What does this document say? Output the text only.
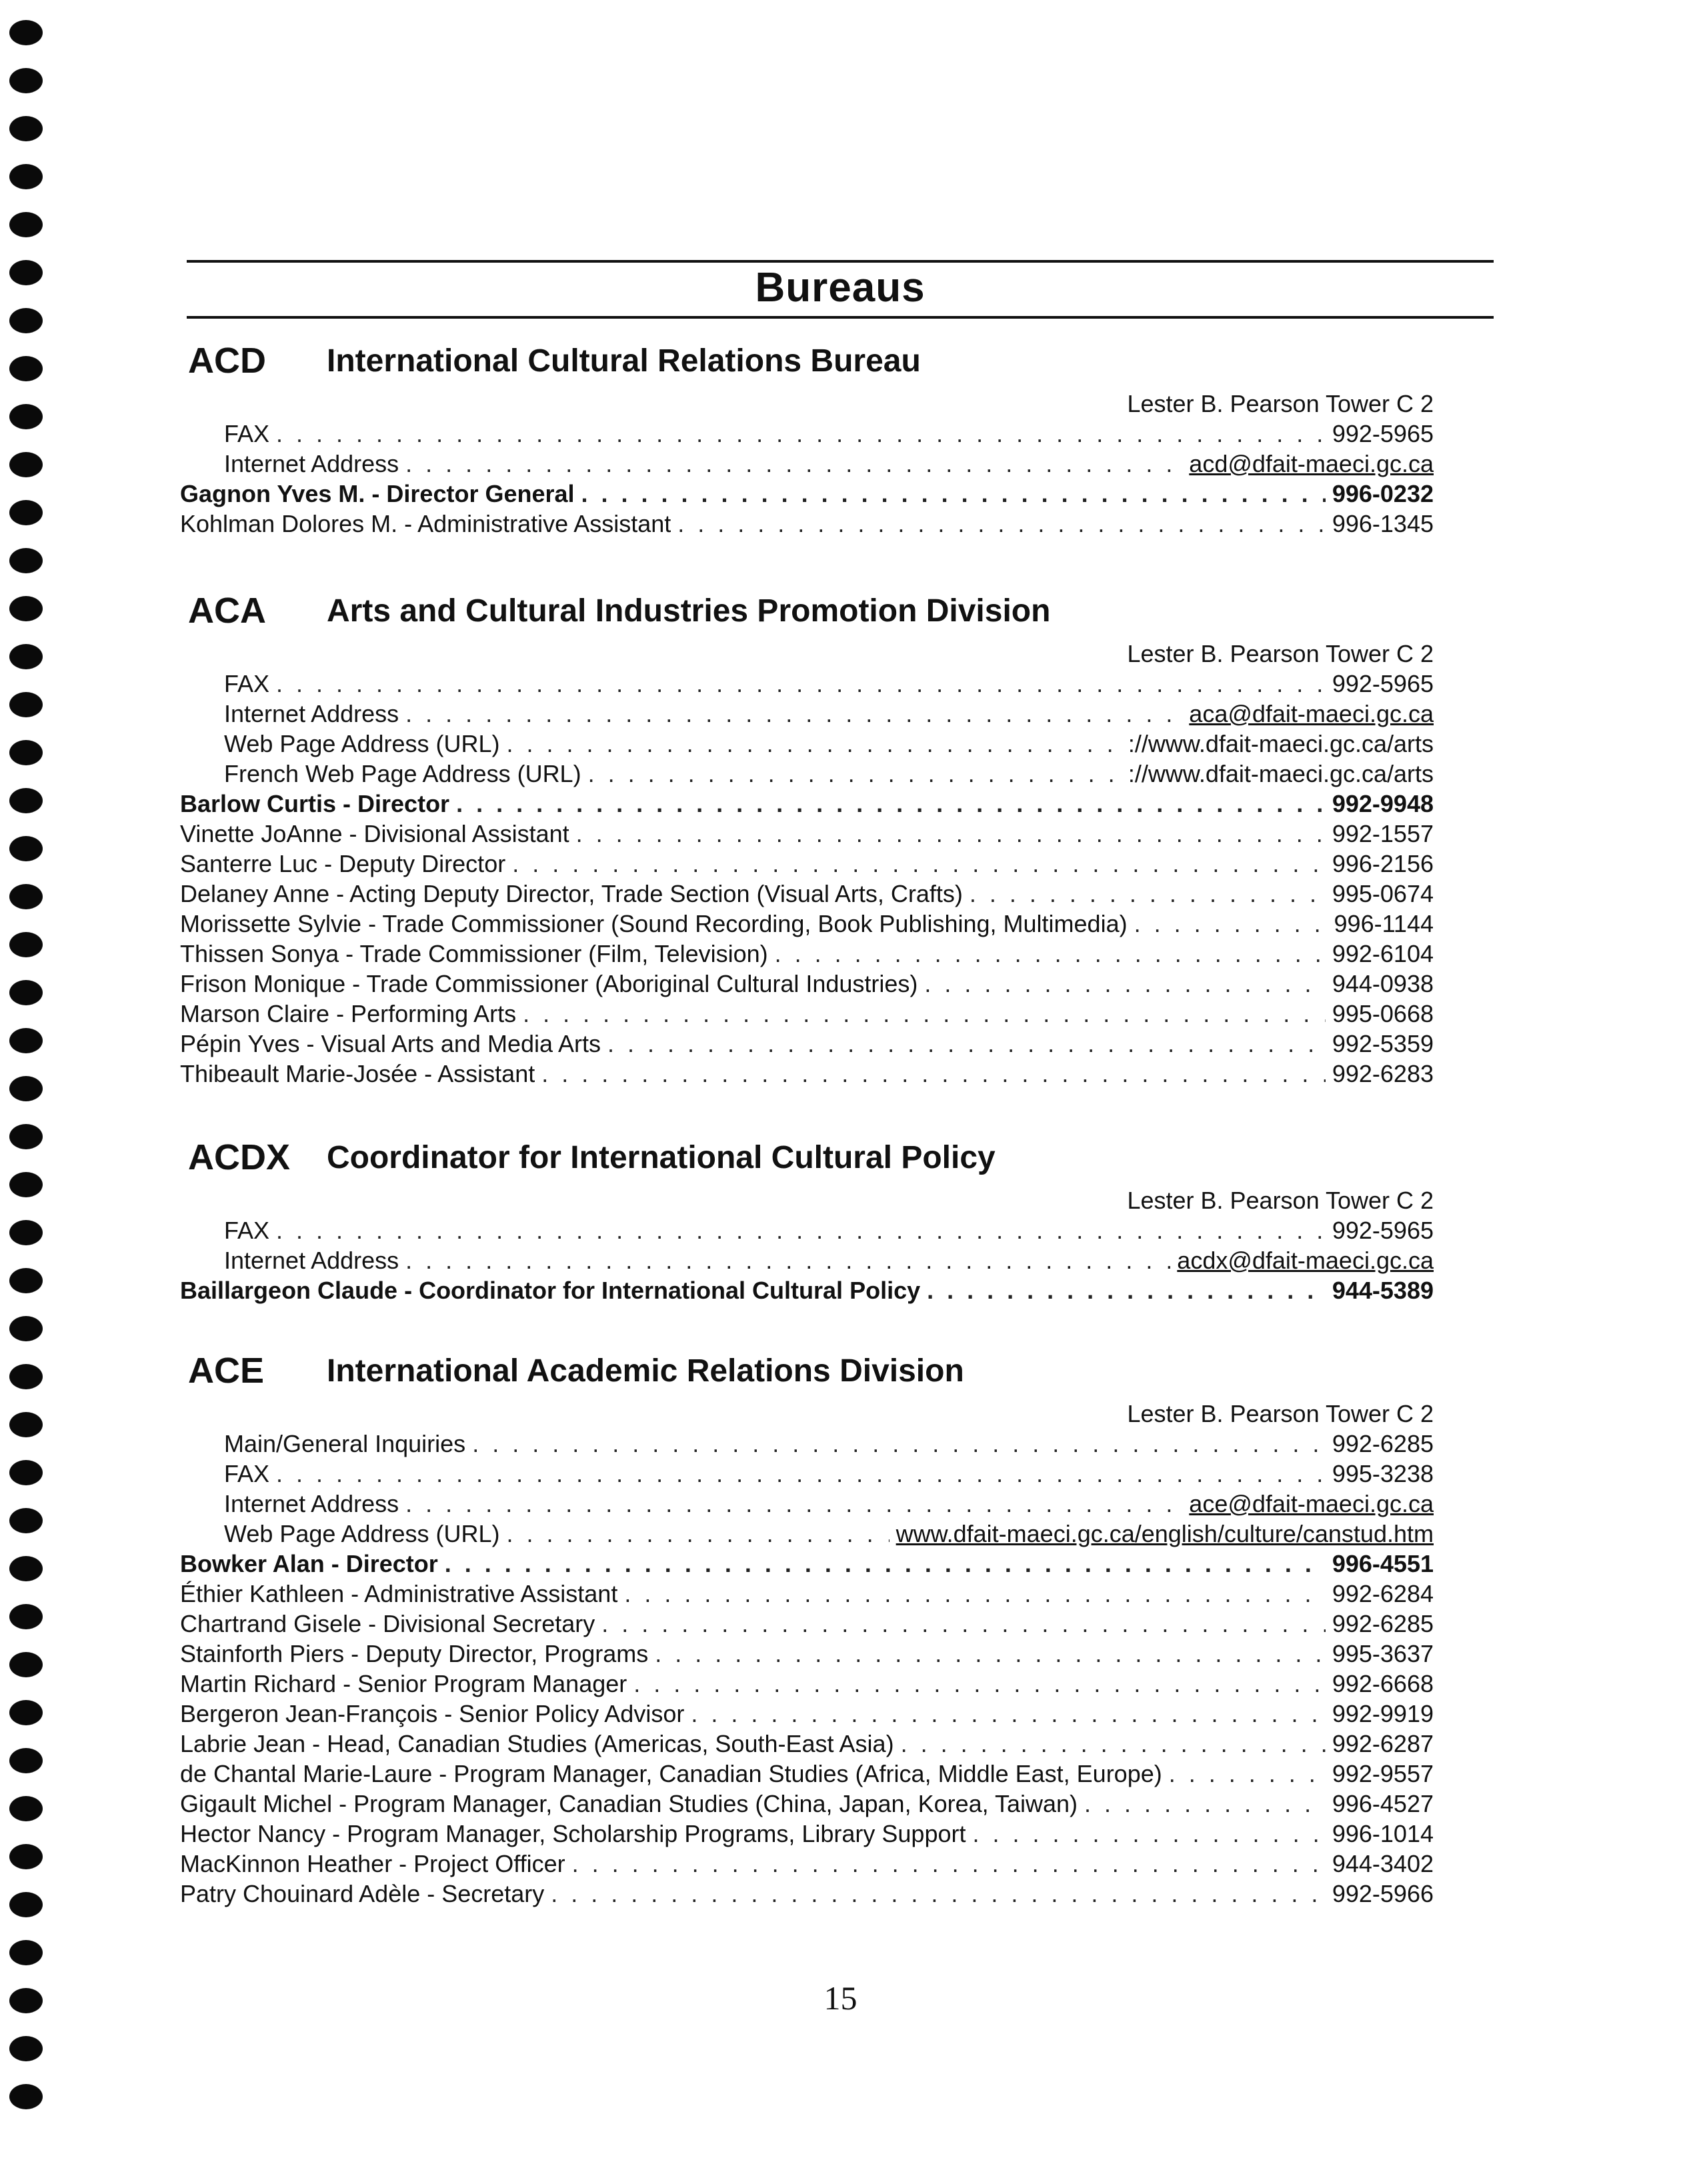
Bureaus
ACD International Cultural Relations Bureau
Lester B. Pearson Tower C 2
FAX . . .	992-5965
Internet Address . . .	acd@dfait-maeci.gc.ca
Gagnon Yves M. - Director General . . .	996-0232
Kohlman Dolores M. - Administrative Assistant . . .	996-1345
ACA Arts and Cultural Industries Promotion Division
Lester B. Pearson Tower C 2
FAX . . .	992-5965
Internet Address . . .	aca@dfait-maeci.gc.ca
Web Page Address (URL) . . .	://www.dfait-maeci.gc.ca/arts
French Web Page Address (URL) . . .	://www.dfait-maeci.gc.ca/arts
Barlow Curtis - Director . . .	992-9948
Vinette JoAnne - Divisional Assistant . . .	992-1557
Santerre Luc - Deputy Director . . .	996-2156
Delaney Anne - Acting Deputy Director, Trade Section (Visual Arts, Crafts) . . .	995-0674
Morissette Sylvie - Trade Commissioner (Sound Recording, Book Publishing, Multimedia) . . .	996-1144
Thissen Sonya - Trade Commissioner (Film, Television) . . .	992-6104
Frison Monique - Trade Commissioner (Aboriginal Cultural Industries) . . .	944-0938
Marson Claire - Performing Arts . . .	995-0668
Pépin Yves - Visual Arts and Media Arts . . .	992-5359
Thibeault Marie-Josée - Assistant . . .	992-6283
ACDX Coordinator for International Cultural Policy
Lester B. Pearson Tower C 2
FAX . . .	992-5965
Internet Address . . .	acdx@dfait-maeci.gc.ca
Baillargeon Claude - Coordinator for International Cultural Policy . . .	944-5389
ACE International Academic Relations Division
Lester B. Pearson Tower C 2
Main/General Inquiries . . .	992-6285
FAX . . .	995-3238
Internet Address . . .	ace@dfait-maeci.gc.ca
Web Page Address (URL) . . .	www.dfait-maeci.gc.ca/english/culture/canstud.htm
Bowker Alan - Director . . .	996-4551
Éthier Kathleen - Administrative Assistant . . .	992-6284
Chartrand Gisele - Divisional Secretary . . .	992-6285
Stainforth Piers - Deputy Director, Programs . . .	995-3637
Martin Richard - Senior Program Manager . . .	992-6668
Bergeron Jean-François - Senior Policy Advisor . . .	992-9919
Labrie Jean - Head, Canadian Studies (Americas, South-East Asia) . . .	992-6287
de Chantal Marie-Laure - Program Manager, Canadian Studies (Africa, Middle East, Europe) . . .	992-9557
Gigault Michel - Program Manager, Canadian Studies (China, Japan, Korea, Taiwan) . . .	996-4527
Hector Nancy - Program Manager, Scholarship Programs, Library Support . . .	996-1014
MacKinnon Heather - Project Officer . . .	944-3402
Patry Chouinard Adèle - Secretary . . .	992-5966
15
